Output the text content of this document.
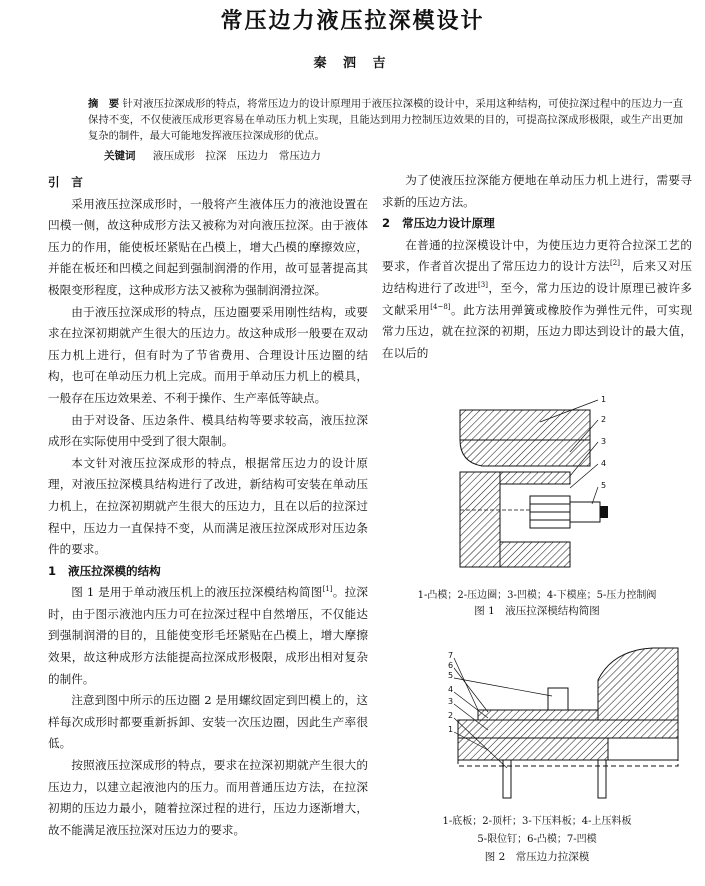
常压边力液压拉深模设计
秦 泗 吉
摘　要 针对液压拉深成形的特点，将常压边力的设计原理用于液压拉深模的设计中，采用这种结构，可使拉深过程中的压边力一直保持不变，不仅使液压成形更容易在单动压力机上实现，且能达到用力控制压边效果的目的，可提高拉深成形极限，或生产出更加复杂的制件，最大可能地发挥液压拉深成形的优点。
关键词 液压成形　拉深　压边力　常压边力
引　言

采用液压拉深成形时，一般将产生液体压力的液池设置在凹模一侧，故这种成形方法又被称为对向液压拉深。由于液体压力的作用，能使板坯紧贴在凸模上，增大凸模的摩擦效应，并能在板坯和凹模之间起到强制润滑的作用，故可显著提高其极限变形程度，这种成形方法又被称为强制润滑拉深。

由于液压拉深成形的特点，压边圈要采用刚性结构，或要求在拉深初期就产生很大的压边力。故这种成形一般要在双动压力机上进行，但有时为了节省费用、合理设计压边圈的结构，也可在单动压力机上完成。而用于单动压力机上的模具，一般存在压边效果差、不利于操作、生产率低等缺点。

由于对设备、压边条件、模具结构等要求较高，液压拉深成形在实际使用中受到了很大限制。

本文针对液压拉深成形的特点，根据常压边力的设计原理，对液压拉深模具结构进行了改进，新结构可安装在单动压力机上，在拉深初期就产生很大的压边力，且在以后的拉深过程中，压边力一直保持不变，从而满足液压拉深成形对压边条件的要求。

1 液压拉深模的结构

图 1 是用于单动液压机上的液压拉深模结构简图[1]。拉深时，由于图示液池内压力可在拉深过程中自然增压，不仅能达到强制润滑的目的，且能使变形毛坯紧贴在凸模上，增大摩擦效果，故这种成形方法能提高拉深成形极限，成形出相对复杂的制件。

注意到图中所示的压边圈 2 是用螺纹固定到凹模上的，这样每次成形时都要重新拆卸、安装一次压边圈，因此生产率很低。

按照液压拉深成形的特点，要求在拉深初期就产生很大的压边力，以建立起液池内的压力。而用普通压边方法，在拉深初期的压边力最小，随着拉深过程的进行，压边力逐渐增大，故不能满足液压拉深对压边力的要求。

为了使液压拉深能方便地在单动压力机上进行，需要寻求新的压边方法。

2 常压边力设计原理

在普通的拉深模设计中，为使压边力更符合拉深工艺的要求，作者首次提出了常压边力的设计方法[2]，后来又对压边结构进行了改进[3]，至今，常力压边的设计原理已被许多文献采用[4~8]。此方法用弹簧或橡胶作为弹性元件，可实现常力压边，就在拉深的初期，压边力即达到设计的最大值，在以后的

1
2
3
4
5
1-凸模；2-压边圈；3-凹模；4-下模座；5-压力控制阀
图 1　液压拉深模结构简图
7
6
5
4
3
2
1
1-底板；2-顶杆；3-下压料板；4-上压料板
5-限位钉；6-凸模；7-凹模
图 2　常压边力拉深模
